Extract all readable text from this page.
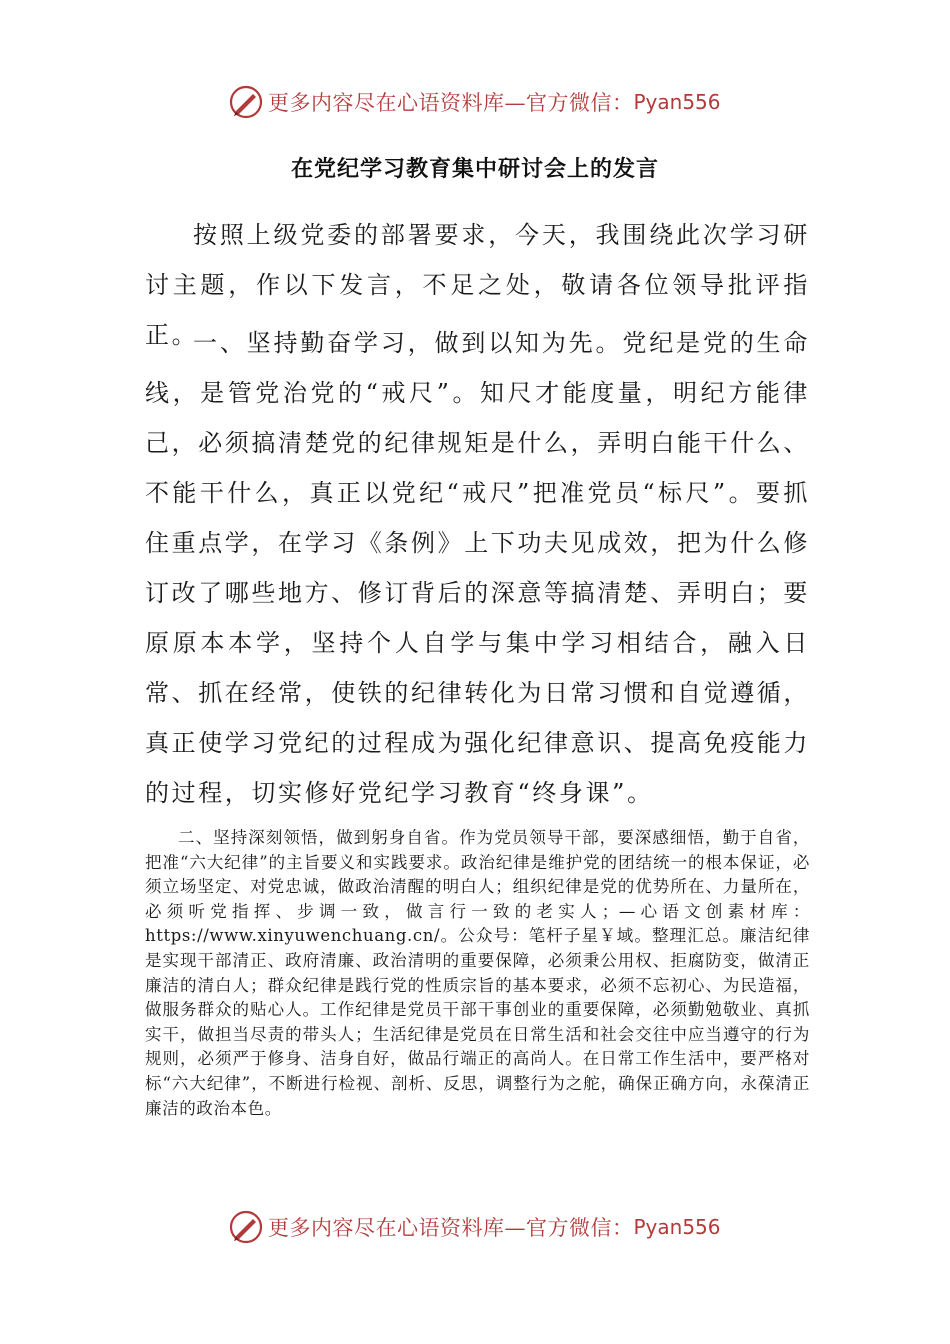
更多内容尽在心语资料库—官方微信： Pyan556
在党纪学习教育集中研讨会上的发言

按照上级党委的部署要求，今天，我围绕此次学习研讨主题，作以下发言，不足之处，敬请各位领导批评指正。

一、坚持勤奋学习，做到以知为先。党纪是党的生命线，是管党治党的“戒尺”。知尺才能度量，明纪方能律己，必须搞清楚党的纪律规矩是什么，弄明白能干什么、不能干什么，真正以党纪“戒尺”把准党员“标尺”。要抓住重点学，在学习《条例》上下功夫见成效，把为什么修订改了哪些地方、修订背后的深意等搞清楚、弄明白；要原原本本学，坚持个人自学与集中学习相结合，融入日常、抓在经常，使铁的纪律转化为日常习惯和自觉遵循，真正使学习党纪的过程成为强化纪律意识、提高免疫能力的过程，切实修好党纪学习教育“终身课”。

二、坚持深刻领悟，做到躬身自省。作为党员领导干部，要深感细悟，勤于自省，把准“六大纪律”的主旨要义和实践要求。政治纪律是维护党的团结统一的根本保证，必须立场坚定、对党忠诚，做政治清醒的明白人；组织纪律是党的优势所在、力量所在，必须听党指挥、步调一致，做言行一致的老实人；—心语文创素材库：https://www.xinyuwenchuang.cn/。公众号：笔杆子星￥域。整理汇总。廉洁纪律是实现干部清正、政府清廉、政治清明的重要保障，必须秉公用权、拒腐防变，做清正廉洁的清白人；群众纪律是践行党的性质宗旨的基本要求，必须不忘初心、为民造福，做服务群众的贴心人。工作纪律是党员干部干事创业的重要保障，必须勤勉敬业、真抓实干，做担当尽责的带头人；生活纪律是党员在日常生活和社会交往中应当遵守的行为规则，必须严于修身、洁身自好，做品行端正的高尚人。在日常工作生活中，要严格对标“六大纪律”，不断进行检视、剖析、反思，调整行为之舵，确保正确方向，永葆清正廉洁的政治本色。

更多内容尽在心语资料库—官方微信： Pyan556
